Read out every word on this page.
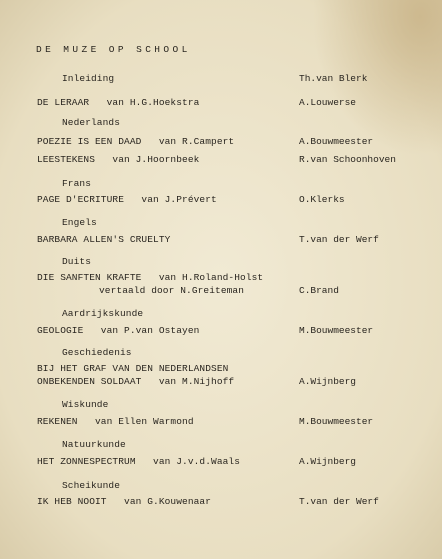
DE MUZE OP SCHOOL
Inleiding	Th.van Blerk
DE LERAAR   van H.G.Hoekstra	A.Louwerse
Nederlands
POEZIE IS EEN DAAD   van R.Campert	A.Bouwmeester
LEESTEKENS   van J.Hoornbeek	R.van Schoonhoven
Frans
PAGE D'ECRITURE   van J.Prévert	O.Klerks
Engels
BARBARA ALLEN'S CRUELTY	T.van der Werf
Duits
DIE SANFTEN KRAFTE   van H.Roland-Holst
vertaald door N.Greiteman	C.Brand
Aardrijkskunde
GEOLOGIE   van P.van Ostayen	M.Bouwmeester
Geschiedenis
BIJ HET GRAF VAN DEN NEDERLANDSEN
ONBEKENDEN SOLDAAT   van M.Nijhoff	A.Wijnberg
Wiskunde
REKENEN   van Ellen Warmond	M.Bouwmeester
Natuurkunde
HET ZONNESPECTRUM   van J.v.d.Waals	A.Wijnberg
Scheikunde
IK HEB NOOIT   van G.Kouwenaar	T.van der Werf
